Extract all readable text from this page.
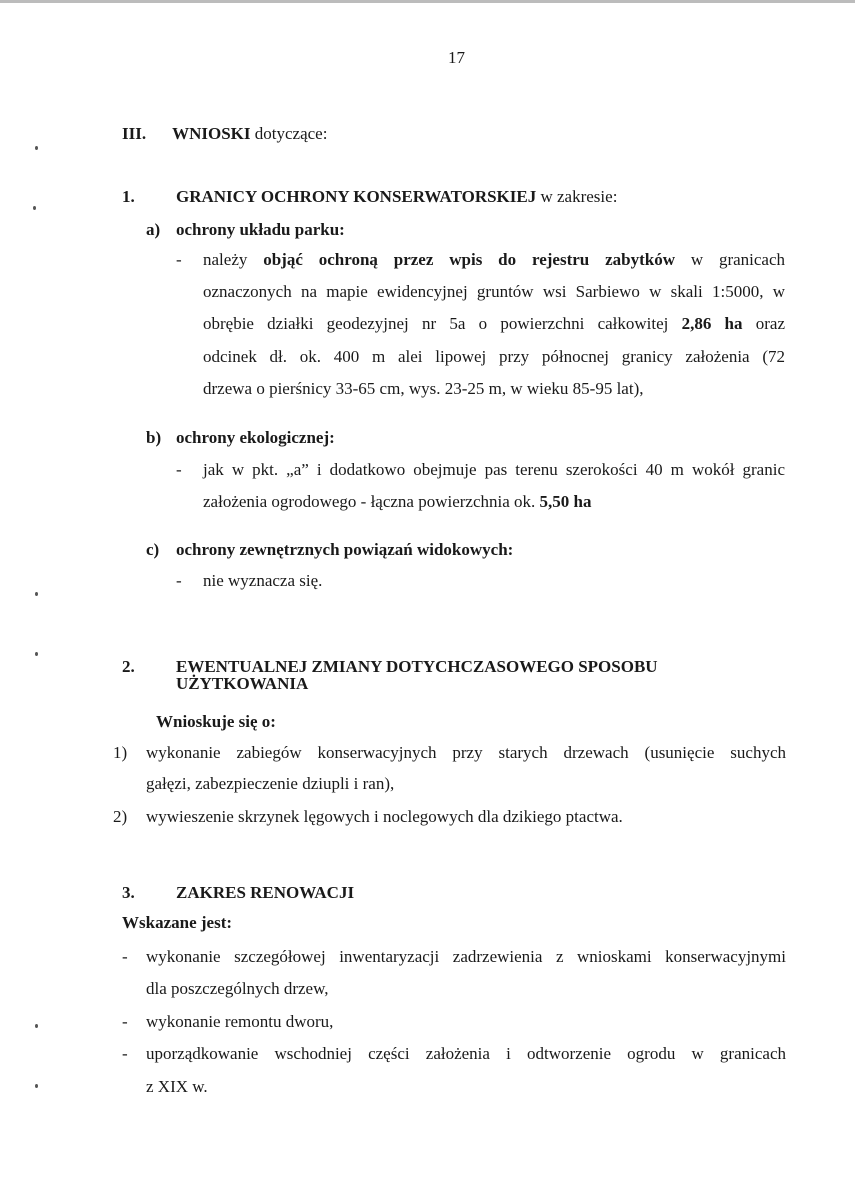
17
III. WNIOSKI dotyczące:
1. GRANICY OCHRONY KONSERWATORSKIEJ w zakresie:
a) ochrony układu parku:
- należy objąć ochroną przez wpis do rejestru zabytków w granicach
oznaczonych na mapie ewidencyjnej gruntów wsi Sarbiewo w skali 1:5000, w
obrębie działki geodezyjnej nr 5a o powierzchni całkowitej 2,86 ha oraz
odcinek dł. ok. 400 m alei lipowej przy północnej granicy założenia (72
drzewa o pierśnicy 33-65 cm, wys. 23-25 m, w wieku 85-95 lat),
b) ochrony ekologicznej:
- jak w pkt. „a” i dodatkowo obejmuje pas terenu szerokości 40 m wokół granic
założenia ogrodowego - łączna powierzchnia ok. 5,50 ha
c) ochrony zewnętrznych powiązań widokowych:
- nie wyznacza się.
2. EWENTUALNEJ ZMIANY DOTYCHCZASOWEGO SPOSOBU
UŻYTKOWANIA
Wnioskuje się o:
1) wykonanie zabiegów konserwacyjnych przy starych drzewach (usunięcie suchych
gałęzi, zabezpieczenie dziupli i ran),
2) wywieszenie skrzynek lęgowych i noclegowych dla dzikiego ptactwa.
3. ZAKRES RENOWACJI
Wskazane jest:
- wykonanie szczegółowej inwentaryzacji zadrzewienia z wnioskami konserwacyjnymi
dla poszczególnych drzew,
- wykonanie remontu dworu,
- uporządkowanie wschodniej części założenia i odtworzenie ogrodu w granicach
z XIX w.
